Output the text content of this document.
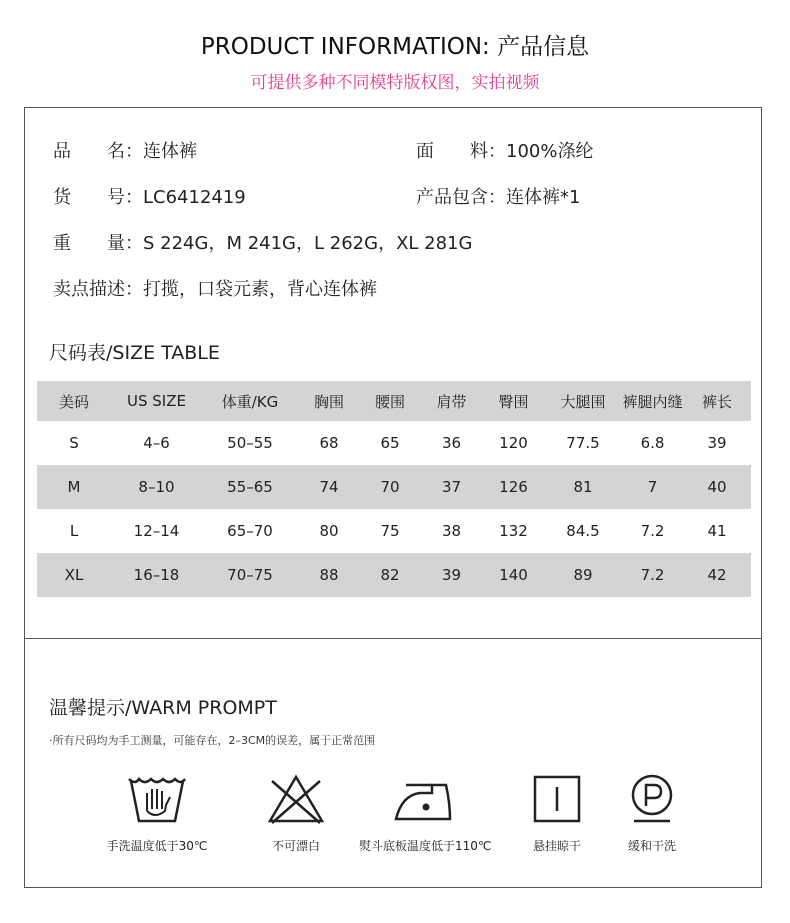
PRODUCT INFORMATION: 产品信息
可提供多种不同模特版权图，实拍视频
品　　名：连体裤	面　　料：100%涤纶
货　　号：LC6412419	产品包含：连体裤*1
重　　量：S 224G，M 241G，L 262G，XL 281G
卖点描述：打揽，口袋元素，背心连体裤
尺码表/SIZE TABLE
美码	US SIZE	体重/KG	胸围	腰围	肩带	臀围	大腿围	裤腿内缝	裤长
S	4–6	50–55	68	65	36	120	77.5	6.8	39
M	8–10	55–65	74	70	37	126	81	7	40
L	12–14	65–70	80	75	38	132	84.5	7.2	41
XL	16–18	70–75	88	82	39	140	89	7.2	42
温馨提示/WARM PROMPT
·所有尺码均为手工测量，可能存在，2–3CM的误差，属于正常范围
手洗温度低于30℃	不可漂白	熨斗底板温度低于110℃	悬挂晾干	缓和干洗
